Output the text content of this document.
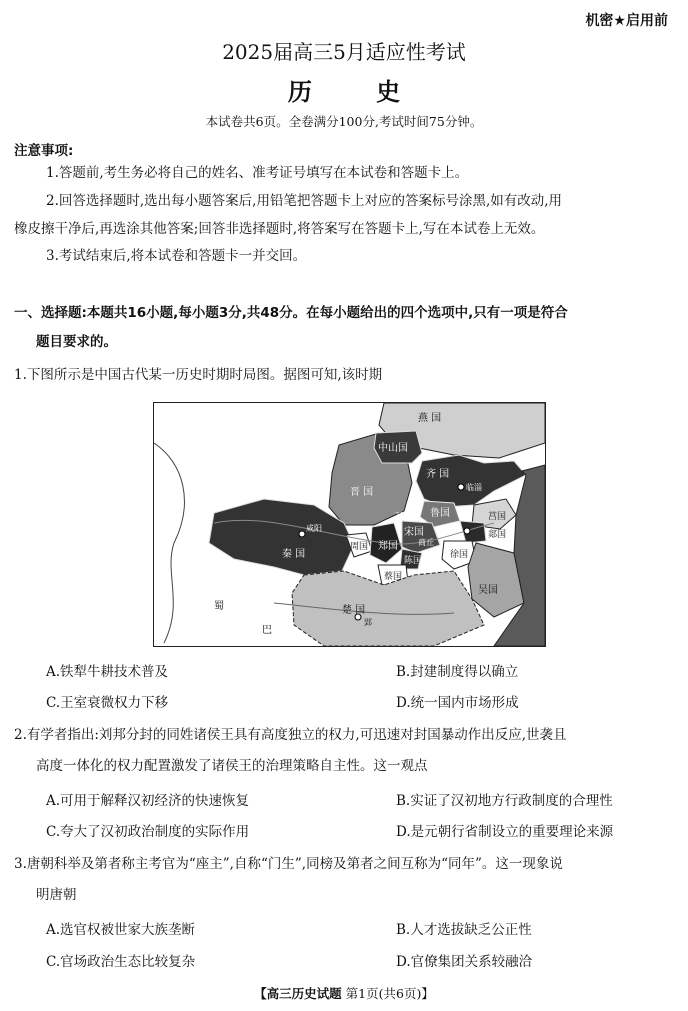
机密★启用前
2025届高三5月适应性考试
历 史
本试卷共6页。全卷满分100分,考试时间75分钟。
注意事项:
1.答题前,考生务必将自己的姓名、准考证号填写在本试卷和答题卡上。
2.回答选择题时,选出每小题答案后,用铅笔把答题卡上对应的答案标号涂黑,如有改动,用
橡皮擦干净后,再选涂其他答案;回答非选择题时,将答案写在答题卡上,写在本试卷上无效。
3.考试结束后,将本试卷和答题卡一并交回。
一、选择题:本题共16小题,每小题3分,共48分。在每小题给出的四个选项中,只有一项是符合
题目要求的。
1.下图所示是中国古代某一历史时期时局图。据图可知,该时期
燕 国
中山国
齐 国
临淄
晋 国
鲁国
卫国
宋国
商丘
莒国
郯国
咸阳
秦 国
周国 郑国
陈国
徐国
蔡国
吴国
楚 国
郢
蜀
巴
A.铁犁牛耕技术普及	B.封建制度得以确立
C.王室衰微权力下移	D.统一国内市场形成
2.有学者指出:刘邦分封的同姓诸侯王具有高度独立的权力,可迅速对封国暴动作出反应,世袭且
高度一体化的权力配置激发了诸侯王的治理策略自主性。这一观点
A.可用于解释汉初经济的快速恢复	B.实证了汉初地方行政制度的合理性
C.夸大了汉初政治制度的实际作用	D.是元朝行省制设立的重要理论来源
3.唐朝科举及第者称主考官为“座主”,自称“门生”,同榜及第者之间互称为“同年”。这一现象说
明唐朝
A.选官权被世家大族垄断	B.人才选拔缺乏公正性
C.官场政治生态比较复杂	D.官僚集团关系较融洽
【高三历史试题 第1页(共6页)】
